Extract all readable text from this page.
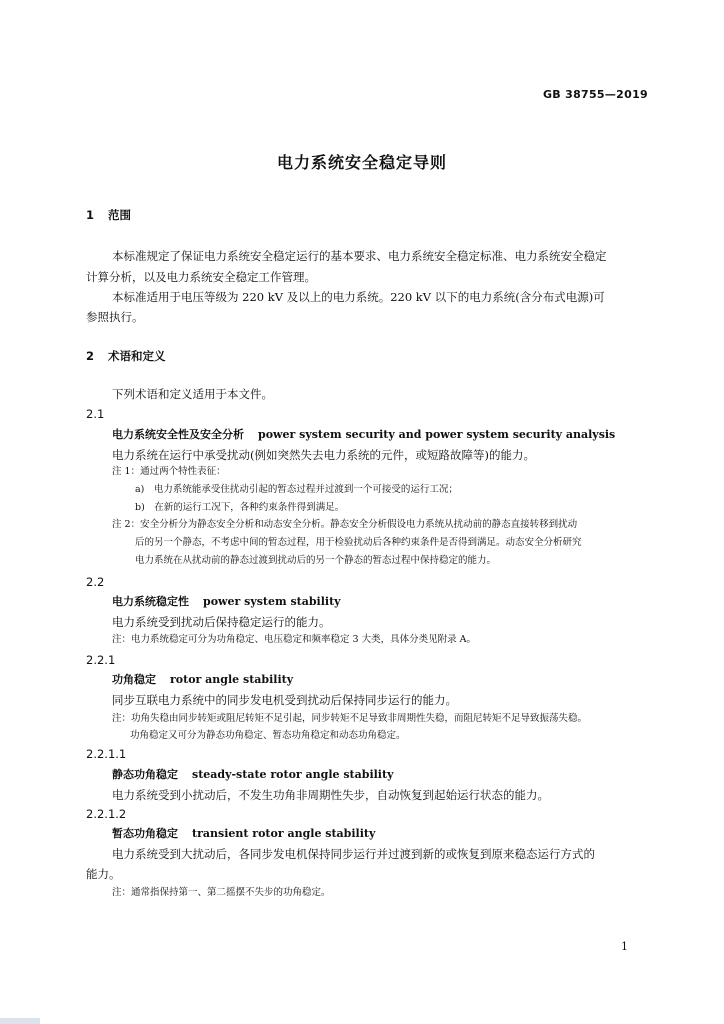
GB 38755—2019
电力系统安全稳定导则
1 范围
本标准规定了保证电力系统安全稳定运行的基本要求、电力系统安全稳定标准、电力系统安全稳定
计算分析，以及电力系统安全稳定工作管理。
本标准适用于电压等级为 220 kV 及以上的电力系统。220 kV 以下的电力系统(含分布式电源)可
参照执行。
2 术语和定义
下列术语和定义适用于本文件。
2.1
电力系统安全性及安全分析 power system security and power system security analysis
电力系统在运行中承受扰动(例如突然失去电力系统的元件，或短路故障等)的能力。
注 1：通过两个特性表征：
a)　电力系统能承受住扰动引起的暂态过程并过渡到一个可接受的运行工况；
b)　在新的运行工况下，各种约束条件得到满足。
注 2：安全分析分为静态安全分析和动态安全分析。静态安全分析假设电力系统从扰动前的静态直接转移到扰动
后的另一个静态，不考虑中间的暂态过程，用于检验扰动后各种约束条件是否得到满足。动态安全分析研究
电力系统在从扰动前的静态过渡到扰动后的另一个静态的暂态过程中保持稳定的能力。
2.2
电力系统稳定性 power system stability
电力系统受到扰动后保持稳定运行的能力。
注：电力系统稳定可分为功角稳定、电压稳定和频率稳定 3 大类，具体分类见附录 A。
2.2.1
功角稳定 rotor angle stability
同步互联电力系统中的同步发电机受到扰动后保持同步运行的能力。
注：功角失稳由同步转矩或阻尼转矩不足引起，同步转矩不足导致非周期性失稳，而阻尼转矩不足导致振荡失稳。
功角稳定又可分为静态功角稳定、暂态功角稳定和动态功角稳定。
2.2.1.1
静态功角稳定 steady-state rotor angle stability
电力系统受到小扰动后，不发生功角非周期性失步，自动恢复到起始运行状态的能力。
2.2.1.2
暂态功角稳定 transient rotor angle stability
电力系统受到大扰动后，各同步发电机保持同步运行并过渡到新的或恢复到原来稳态运行方式的
能力。
注：通常指保持第一、第二摇摆不失步的功角稳定。
1
